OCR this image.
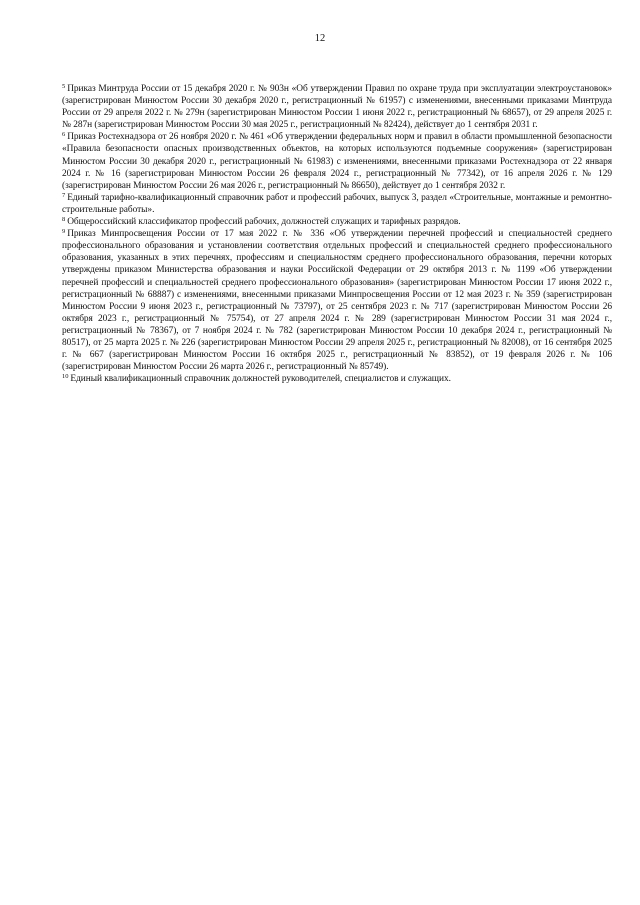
12

$^5$ Приказ Минтруда России от 15 декабря 2020 г. № 903н «Об утверждении Правил по охране труда при эксплуатации электроустановок» (зарегистрирован Минюстом России 30 декабря 2020 г., регистрационный № 61957) с изменениями, внесенными приказами Минтруда России от 29 апреля 2022 г. № 279н (зарегистрирован Минюстом России 1 июня 2022 г., регистрационный № 68657), от 29 апреля 2025 г. № 287н (зарегистрирован Минюстом России 30 мая 2025 г., регистрационный № 82424), действует до 1 сентября 2031 г.

$^6$ Приказ Ростехнадзора от 26 ноября 2020 г. № 461 «Об утверждении федеральных норм и правил в области промышленной безопасности «Правила безопасности опасных производственных объектов, на которых используются подъемные сооружения» (зарегистрирован Минюстом России 30 декабря 2020 г., регистрационный № 61983) с изменениями, внесенными приказами Ростехнадзора от 22 января 2024 г. № 16 (зарегистрирован Минюстом России 26 февраля 2024 г., регистрационный № 77342), от 16 апреля 2026 г. № 129 (зарегистрирован Минюстом России 26 мая 2026 г., регистрационный № 86650), действует до 1 сентября 2032 г.

$^7$ Единый тарифно-квалификационный справочник работ и профессий рабочих, выпуск 3, раздел «Строительные, монтажные и ремонтно-строительные работы».

$^8$ Общероссийский классификатор профессий рабочих, должностей служащих и тарифных разрядов.

$^9$ Приказ Минпросвещения России от 17 мая 2022 г. № 336 «Об утверждении перечней профессий и специальностей среднего профессионального образования и установлении соответствия отдельных профессий и специальностей среднего профессионального образования, указанных в этих перечнях, профессиям и специальностям среднего профессионального образования, перечни которых утверждены приказом Министерства образования и науки Российской Федерации от 29 октября 2013 г. № 1199 «Об утверждении перечней профессий и специальностей среднего профессионального образования» (зарегистрирован Минюстом России 17 июня 2022 г., регистрационный № 68887) с изменениями, внесенными приказами Минпросвещения России от 12 мая 2023 г. № 359 (зарегистрирован Минюстом России 9 июня 2023 г., регистрационный № 73797), от 25 сентября 2023 г. № 717 (зарегистрирован Минюстом России 26 октября 2023 г., регистрационный № 75754), от 27 апреля 2024 г. № 289 (зарегистрирован Минюстом России 31 мая 2024 г., регистрационный № 78367), от 7 ноября 2024 г. № 782 (зарегистрирован Минюстом России 10 декабря 2024 г., регистрационный № 80517), от 25 марта 2025 г. № 226 (зарегистрирован Минюстом России 29 апреля 2025 г., регистрационный № 82008), от 16 сентября 2025 г. № 667 (зарегистрирован Минюстом России 16 октября 2025 г., регистрационный № 83852), от 19 февраля 2026 г. № 106 (зарегистрирован Минюстом России 26 марта 2026 г., регистрационный № 85749).

$^{10}$ Единый квалификационный справочник должностей руководителей, специалистов и служащих.
